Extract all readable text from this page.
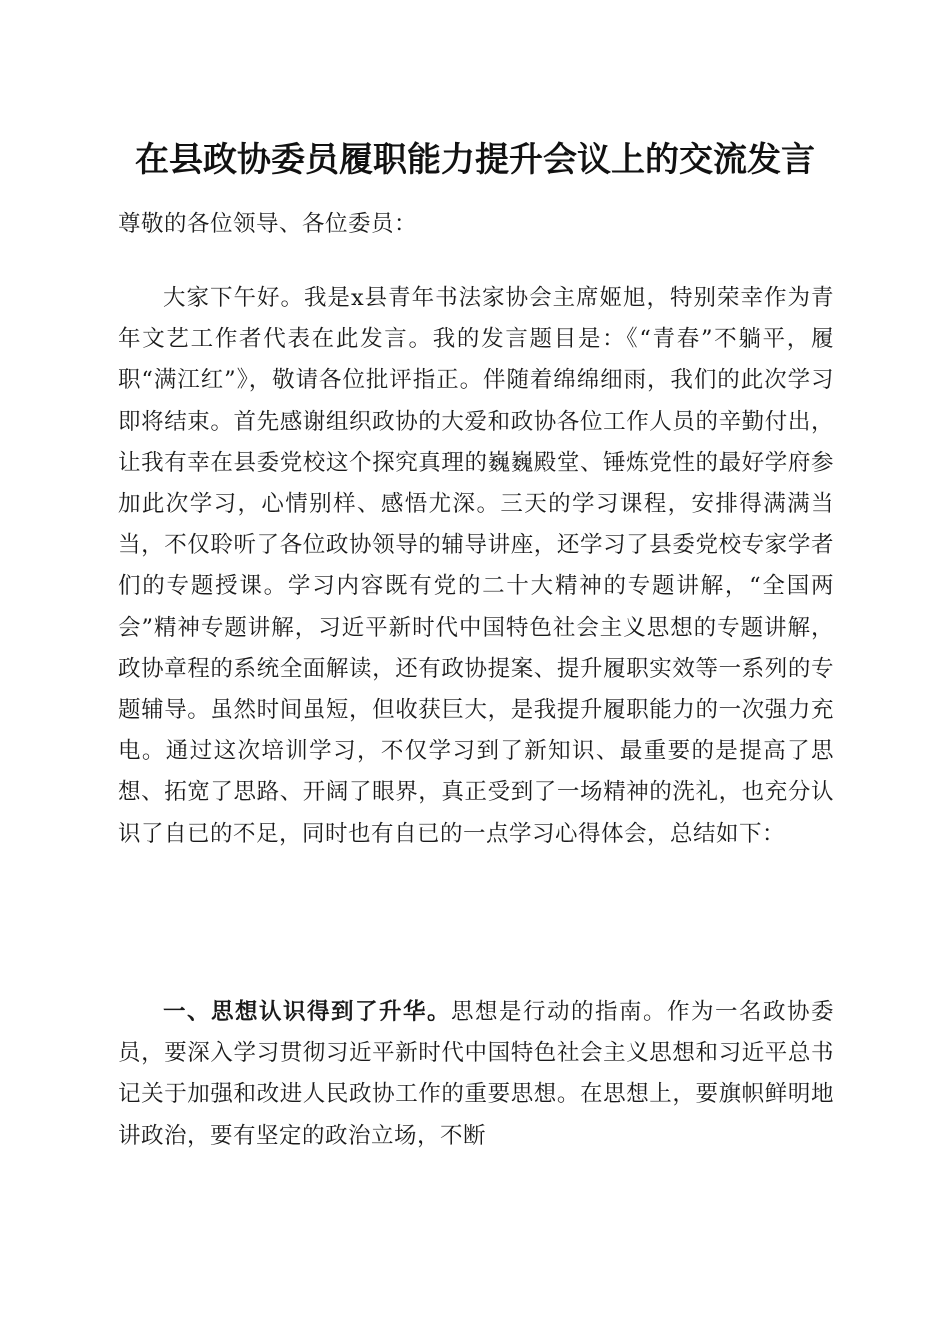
在县政协委员履职能力提升会议上的交流发言
尊敬的各位领导、各位委员：
大家下午好。我是x县青年书法家协会主席姬旭，特别荣幸作为青年文艺工作者代表在此发言。我的发言题目是：《“青春”不躺平，履职“满江红”》，敬请各位批评指正。伴随着绵绵细雨，我们的此次学习即将结束。首先感谢组织政协的大爱和政协各位工作人员的辛勤付出，让我有幸在县委党校这个探究真理的巍巍殿堂、锤炼党性的最好学府参加此次学习，心情别样、感悟尤深。三天的学习课程，安排得满满当当，不仅聆听了各位政协领导的辅导讲座，还学习了县委党校专家学者们的专题授课。学习内容既有党的二十大精神的专题讲解，“全国两会”精神专题讲解，习近平新时代中国特色社会主义思想的专题讲解，政协章程的系统全面解读，还有政协提案、提升履职实效等一系列的专题辅导。虽然时间虽短，但收获巨大，是我提升履职能力的一次强力充电。通过这次培训学习，不仅学习到了新知识、最重要的是提高了思想、拓宽了思路、开阔了眼界，真正受到了一场精神的洗礼，也充分认识了自已的不足，同时也有自已的一点学习心得体会，总结如下：
一、思想认识得到了升华。思想是行动的指南。作为一名政协委员，要深入学习贯彻习近平新时代中国特色社会主义思想和习近平总书记关于加强和改进人民政协工作的重要思想。在思想上，要旗帜鲜明地讲政治，要有坚定的政治立场，不断
